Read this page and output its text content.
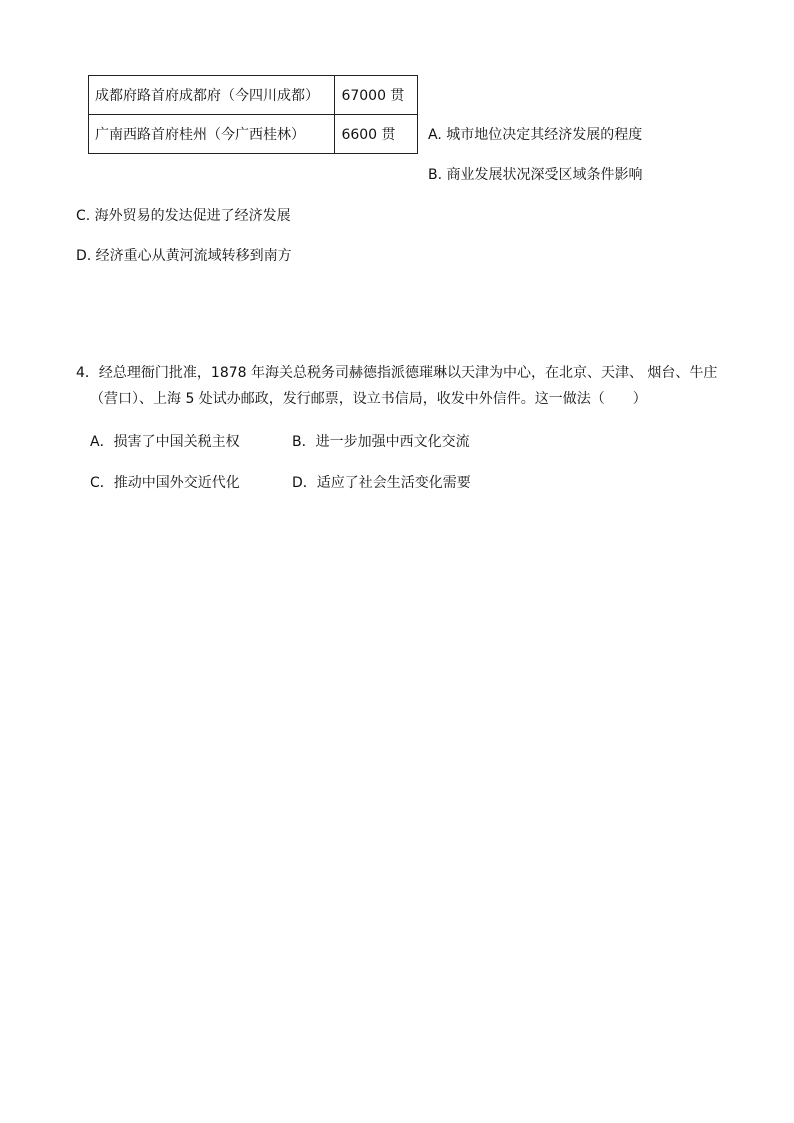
成都府路首府成都府（今四川成都）	67000 贯
广南西路首府桂州（今广西桂林）	6600 贯 A. 城市地位决定其经济发展的程度
B. 商业发展状况深受区域条件影响
C. 海外贸易的发达促进了经济发展
D. 经济重心从黄河流域转移到南方
4．经总理衙门批准，1878 年海关总税务司赫德指派德璀琳以天津为中心，在北京、天津、 烟台、牛庄
（营口）、上海 5 处试办邮政，发行邮票，设立书信局，收发中外信件。这一做法（　　）
A．损害了中国关税主权	B．进一步加强中西文化交流
C．推动中国外交近代化	D．适应了社会生活变化需要
